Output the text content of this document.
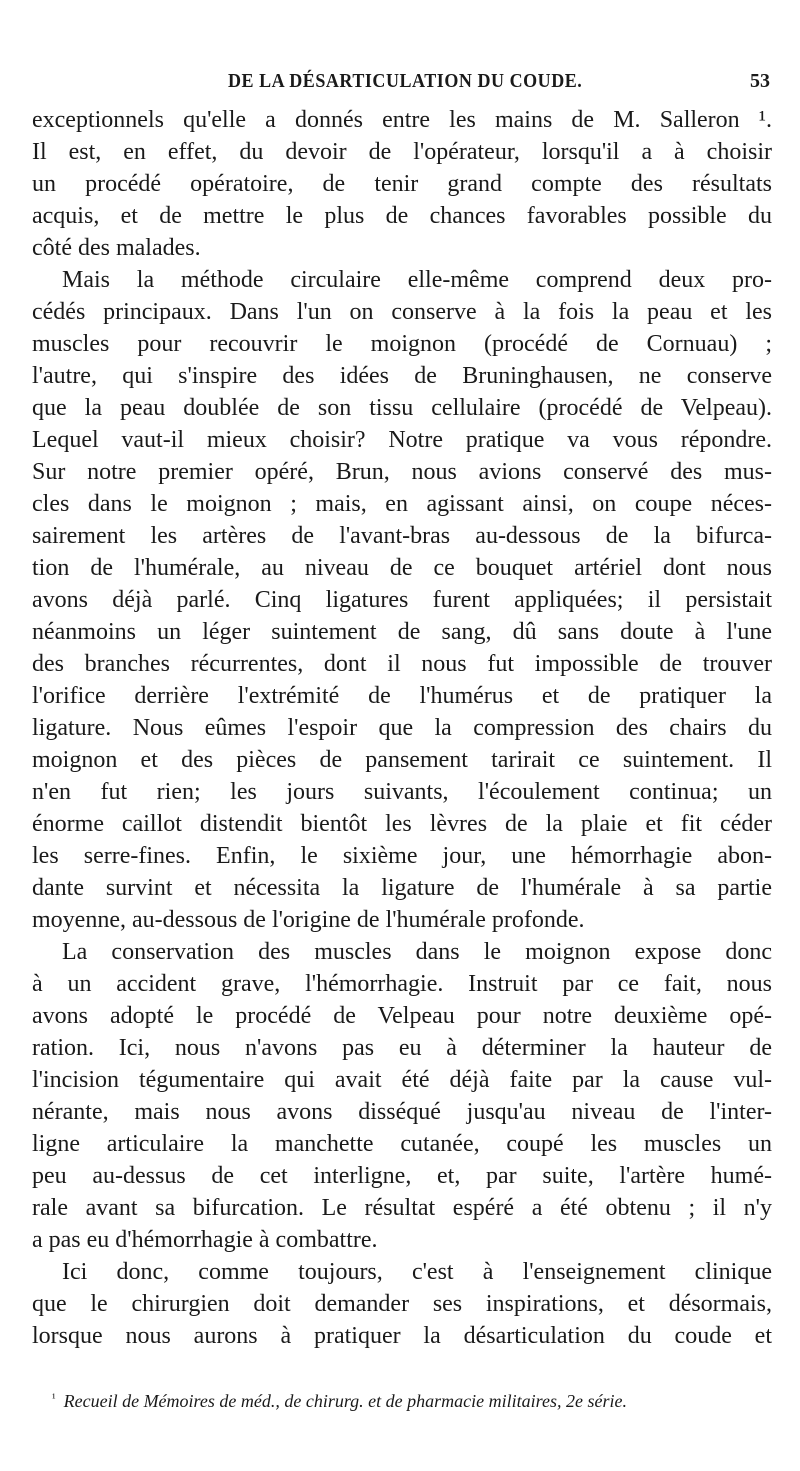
DE LA DÉSARTICULATION DU COUDE.	53
exceptionnels qu'elle a donnés entre les mains de M. Salleron ¹.
Il est, en effet, du devoir de l'opérateur, lorsqu'il a à choisir
un procédé opératoire, de tenir grand compte des résultats
acquis, et de mettre le plus de chances favorables possible du
côté des malades.
Mais la méthode circulaire elle-même comprend deux pro-
cédés principaux. Dans l'un on conserve à la fois la peau et les
muscles pour recouvrir le moignon (procédé de Cornuau) ;
l'autre, qui s'inspire des idées de Bruninghausen, ne conserve
que la peau doublée de son tissu cellulaire (procédé de Velpeau).
Lequel vaut-il mieux choisir? Notre pratique va vous répondre.
Sur notre premier opéré, Brun, nous avions conservé des mus-
cles dans le moignon ; mais, en agissant ainsi, on coupe néces-
sairement les artères de l'avant-bras au-dessous de la bifurca-
tion de l'humérale, au niveau de ce bouquet artériel dont nous
avons déjà parlé. Cinq ligatures furent appliquées; il persistait
néanmoins un léger suintement de sang, dû sans doute à l'une
des branches récurrentes, dont il nous fut impossible de trouver
l'orifice derrière l'extrémité de l'humérus et de pratiquer la
ligature. Nous eûmes l'espoir que la compression des chairs du
moignon et des pièces de pansement tarirait ce suintement. Il
n'en fut rien; les jours suivants, l'écoulement continua; un
énorme caillot distendit bientôt les lèvres de la plaie et fit céder
les serre-fines. Enfin, le sixième jour, une hémorrhagie abon-
dante survint et nécessita la ligature de l'humérale à sa partie
moyenne, au-dessous de l'origine de l'humérale profonde.
La conservation des muscles dans le moignon expose donc
à un accident grave, l'hémorrhagie. Instruit par ce fait, nous
avons adopté le procédé de Velpeau pour notre deuxième opé-
ration. Ici, nous n'avons pas eu à déterminer la hauteur de
l'incision tégumentaire qui avait été déjà faite par la cause vul-
nérante, mais nous avons disséqué jusqu'au niveau de l'inter-
ligne articulaire la manchette cutanée, coupé les muscles un
peu au-dessus de cet interligne, et, par suite, l'artère humé-
rale avant sa bifurcation. Le résultat espéré a été obtenu ; il n'y
a pas eu d'hémorrhagie à combattre.
Ici donc, comme toujours, c'est à l'enseignement clinique
que le chirurgien doit demander ses inspirations, et désormais,
lorsque nous aurons à pratiquer la désarticulation du coude et
$^{^1}$ Recueil de Mémoires de méd., de chirurg. et de pharmacie militaires, 2e série.
